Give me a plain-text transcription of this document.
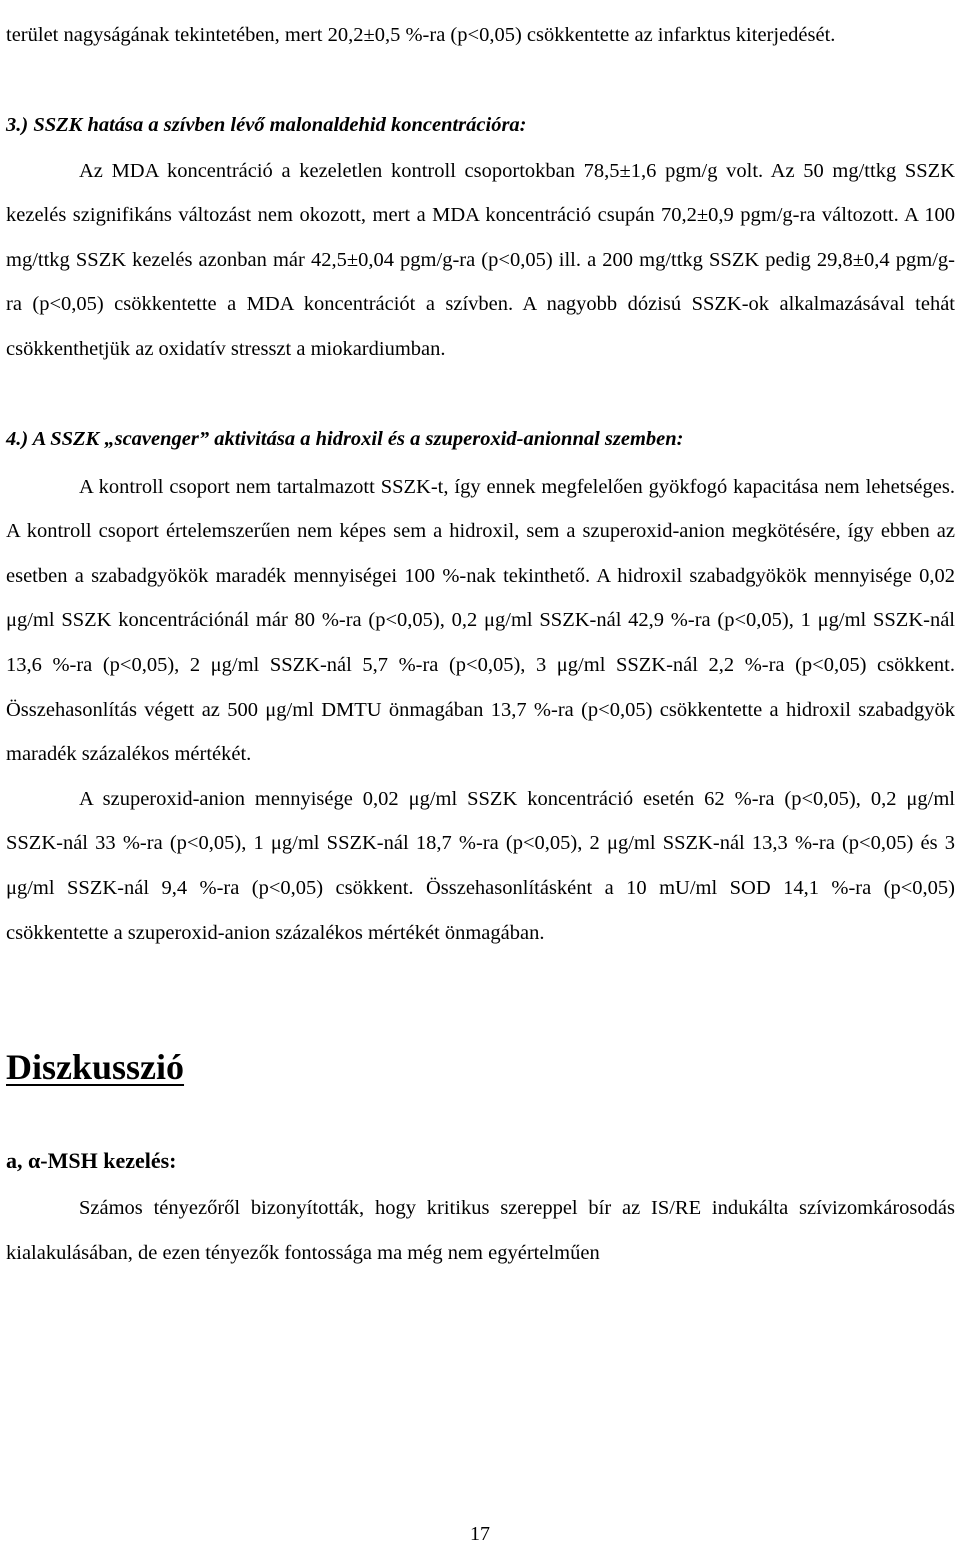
terület nagyságának tekintetében, mert 20,2±0,5 %-ra (p<0,05) csökkentette az infarktus kiterjedését.

3.) SSZK hatása a szívben lévő malonaldehid koncentrációra:

Az MDA koncentráció a kezeletlen kontroll csoportokban 78,5±1,6 pgm/g volt. Az 50 mg/ttkg SSZK kezelés szignifikáns változást nem okozott, mert a MDA koncentráció csupán 70,2±0,9 pgm/g-ra változott. A 100 mg/ttkg SSZK kezelés azonban már 42,5±0,04 pgm/g-ra (p<0,05) ill. a 200 mg/ttkg SSZK pedig 29,8±0,4 pgm/g-ra (p<0,05) csökkentette a MDA koncentrációt a szívben. A nagyobb dózisú SSZK-ok alkalmazásával tehát csökkenthetjük az oxidatív stresszt a miokardiumban.

4.) A SSZK „scavenger” aktivitása a hidroxil és a szuperoxid-anionnal szemben:

A kontroll csoport nem tartalmazott SSZK-t, így ennek megfelelően gyökfogó kapacitása nem lehetséges. A kontroll csoport értelemszerűen nem képes sem a hidroxil, sem a szuperoxid-anion megkötésére, így ebben az esetben a szabadgyökök maradék mennyiségei 100 %-nak tekinthető. A hidroxil szabadgyökök mennyisége 0,02 μg/ml SSZK koncentrációnál már 80 %-ra (p<0,05), 0,2 μg/ml SSZK-nál 42,9 %-ra (p<0,05), 1 μg/ml SSZK-nál 13,6 %-ra (p<0,05), 2 μg/ml SSZK-nál 5,7 %-ra (p<0,05), 3 μg/ml SSZK-nál 2,2 %-ra (p<0,05) csökkent. Összehasonlítás végett az 500 μg/ml DMTU önmagában 13,7 %-ra (p<0,05) csökkentette a hidroxil szabadgyök maradék százalékos mértékét.

A szuperoxid-anion mennyisége 0,02 μg/ml SSZK koncentráció esetén 62 %-ra (p<0,05), 0,2 μg/ml SSZK-nál 33 %-ra (p<0,05), 1 μg/ml SSZK-nál 18,7 %-ra (p<0,05), 2 μg/ml SSZK-nál 13,3 %-ra (p<0,05) és 3 μg/ml SSZK-nál 9,4 %-ra (p<0,05) csökkent. Összehasonlításként a 10 mU/ml SOD 14,1 %-ra (p<0,05) csökkentette a szuperoxid-anion százalékos mértékét önmagában.

Diszkusszió
a, α-MSH kezelés:

Számos tényezőről bizonyították, hogy kritikus szereppel bír az IS/RE indukálta szívizomkárosodás kialakulásában, de ezen tényezők fontossága ma még nem egyértelműen

17
